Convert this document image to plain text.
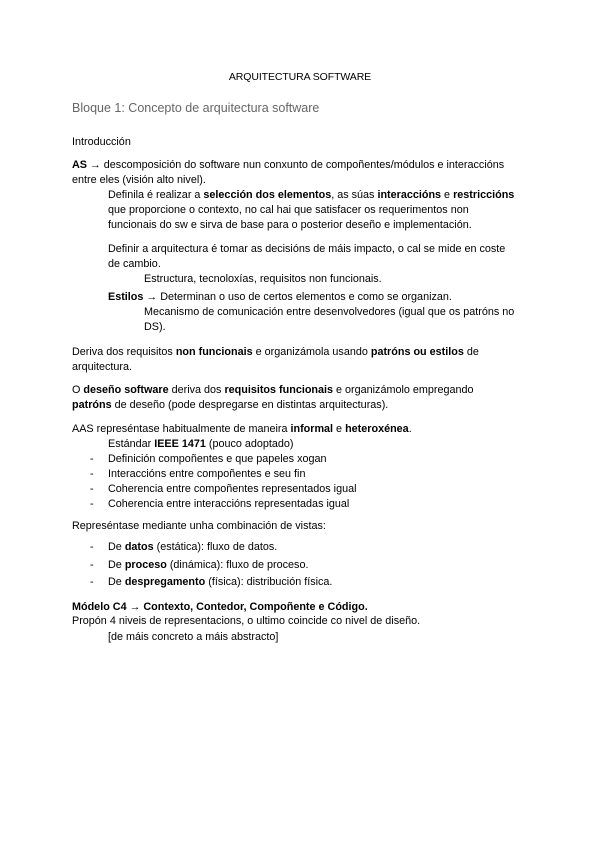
ARQUITECTURA SOFTWARE
Bloque 1: Concepto de arquitectura software
Introducción
AS → descomposición do software nun conxunto de compoñentes/módulos e interaccións
entre eles (visión alto nivel).
Definila é realizar a selección dos elementos, as súas interaccións e restriccións
que proporcione o contexto, no cal hai que satisfacer os requerimentos non
funcionais do sw e sirva de base para o posterior deseño e implementación.
Definir a arquitectura é tomar as decisións de máis impacto, o cal se mide en coste
de cambio.
Estructura, tecnoloxías, requisitos non funcionais.
Estilos → Determinan o uso de certos elementos e como se organizan.
Mecanismo de comunicación entre desenvolvedores (igual que os patróns no
DS).
Deriva dos requisitos non funcionais e organizámola usando patróns ou estilos de
arquitectura.
O deseño software deriva dos requisitos funcionais e organizámolo empregando
patróns de deseño (pode despregarse en distintas arquitecturas).
AAS represéntase habitualmente de maneira informal e heteroxénea.
Estándar IEEE 1471 (pouco adoptado)
-	Definición compoñentes e que papeles xogan
-	Interaccións entre compoñentes e seu fin
-	Coherencia entre compoñentes representados igual
-	Coherencia entre interaccións representadas igual
Represéntase mediante unha combinación de vistas:
-	De datos (estática): fluxo de datos.
-	De proceso (dinámica): fluxo de proceso.
-	De despregamento (física): distribución física.
Módelo C4 → Contexto, Contedor, Compoñente e Código.
Propón 4 niveis de representacions, o ultimo coincide co nivel de diseño.
[de máis concreto a máis abstracto]
